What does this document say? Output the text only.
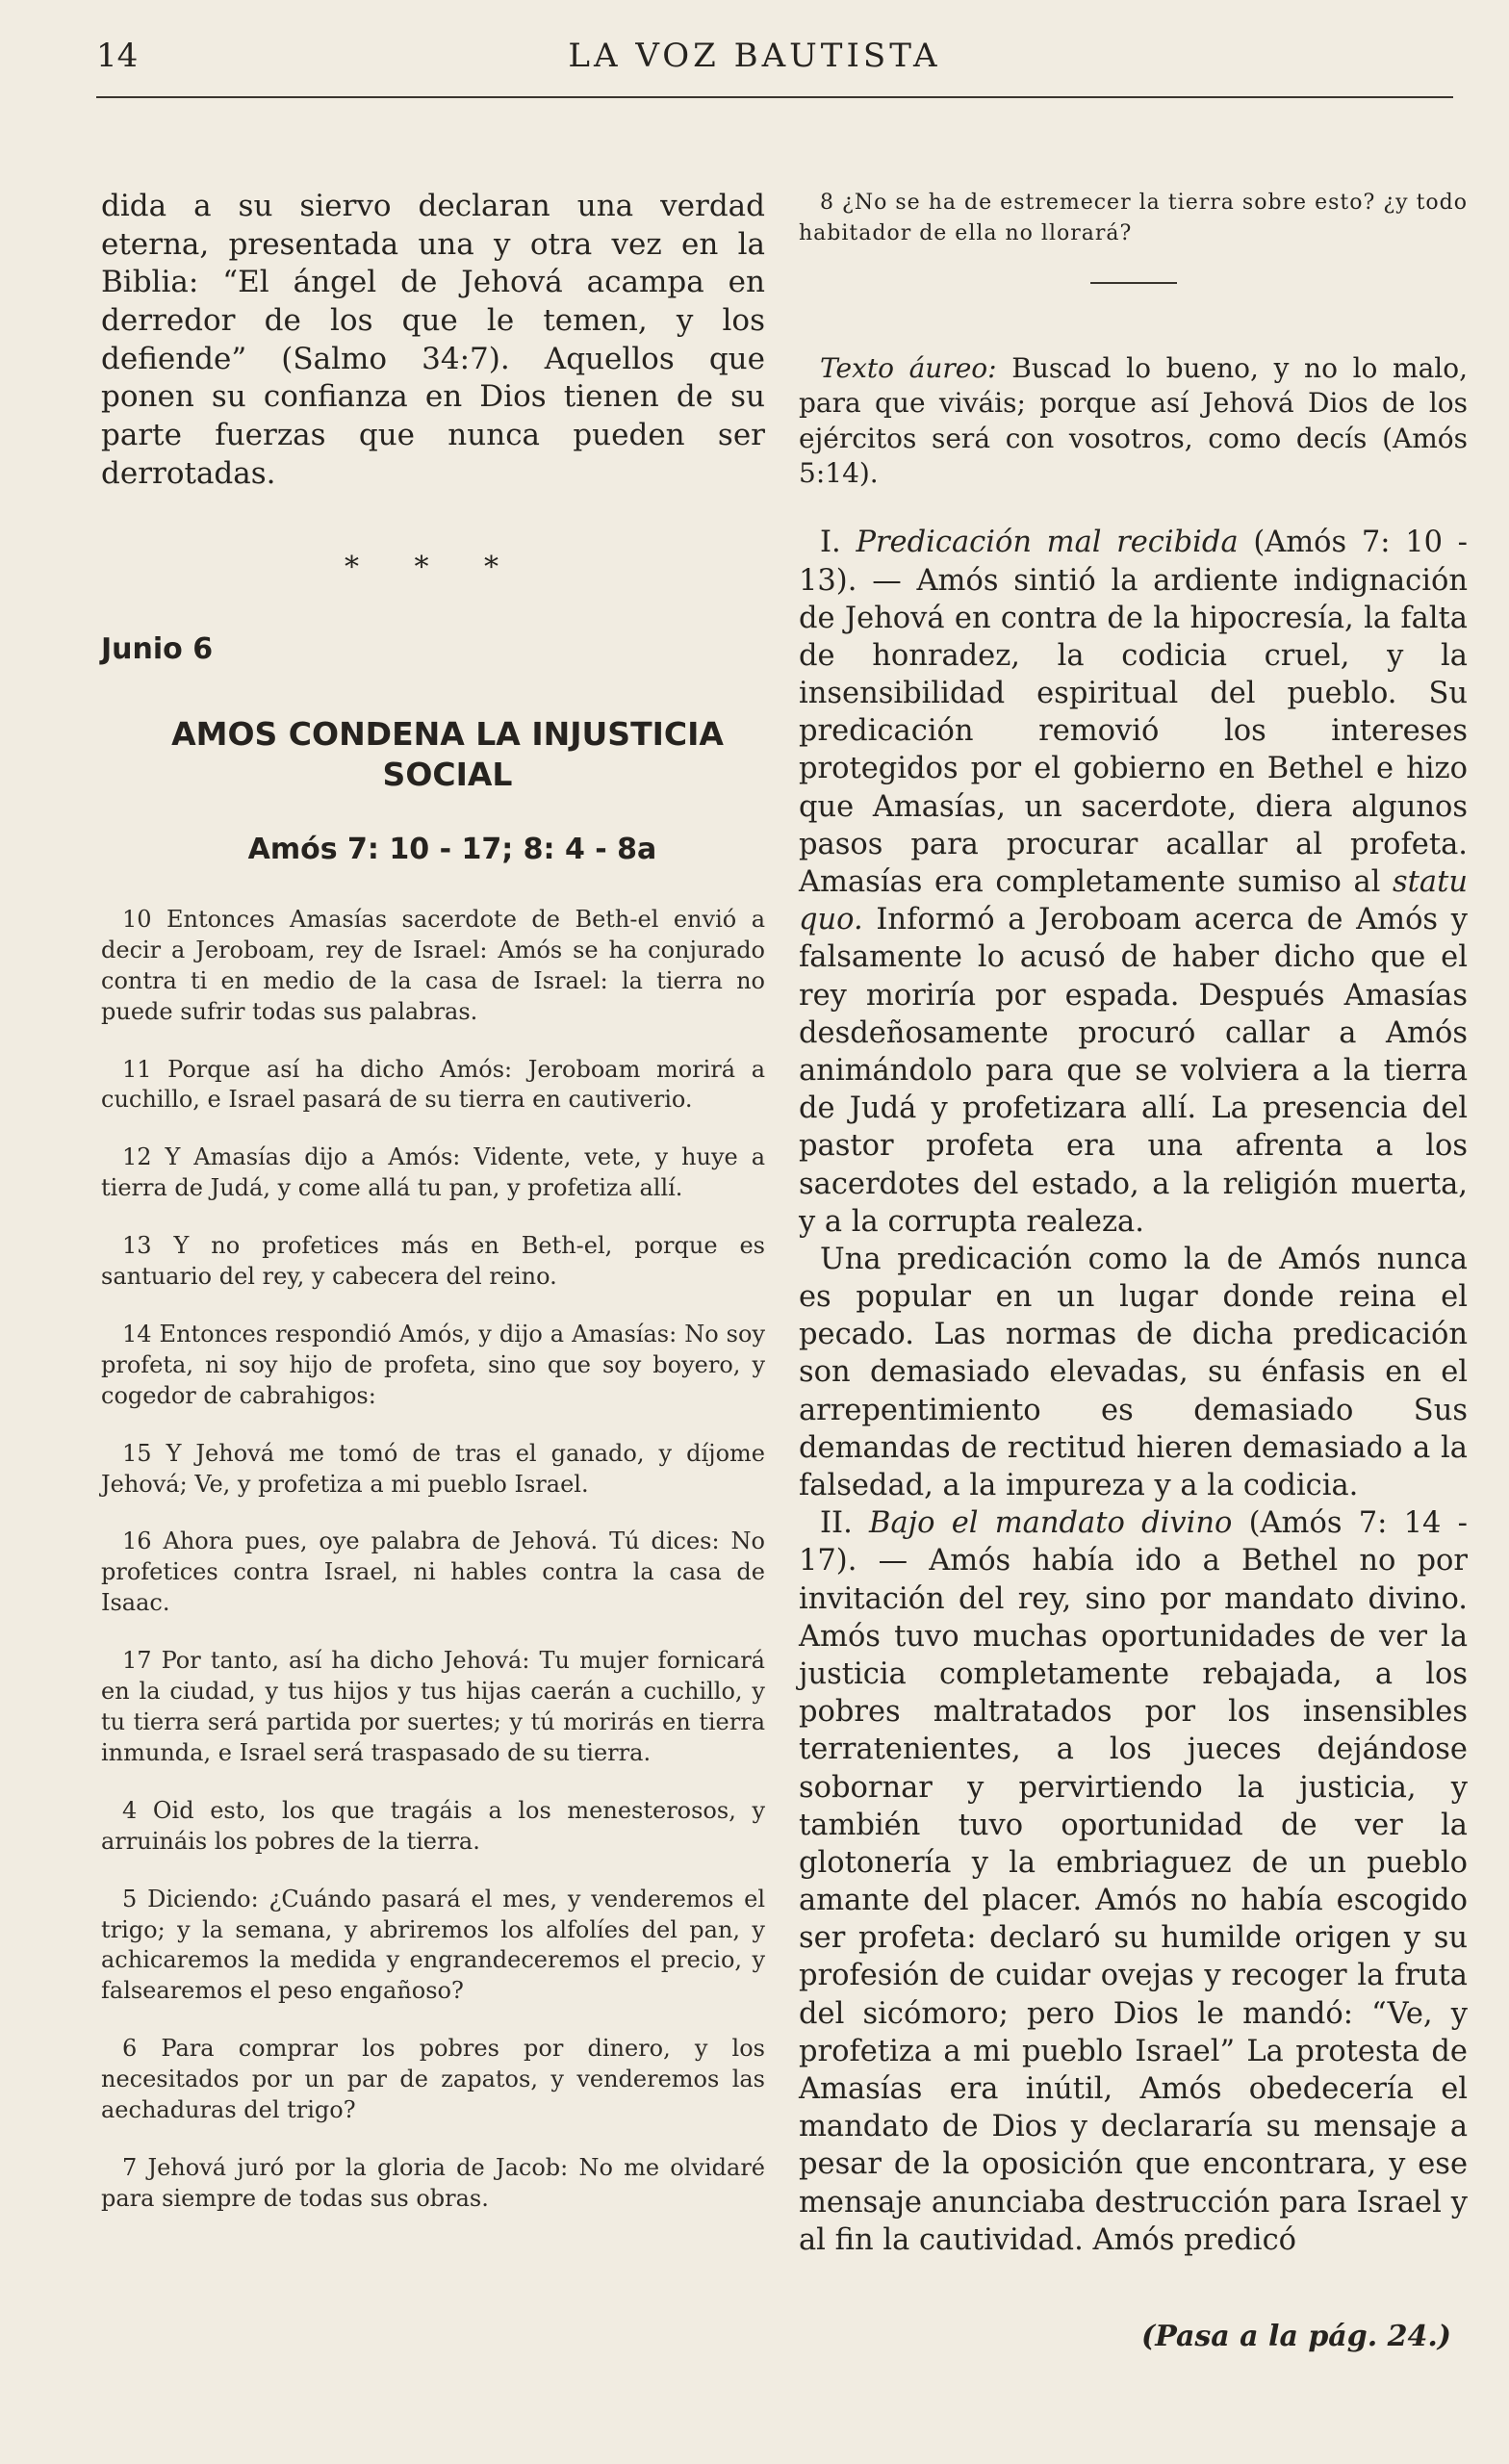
14	LA VOZ BAUTISTA

dida a su siervo declaran una verdad eterna, presentada una y otra vez en la Biblia: “El ángel de Jehová acampa en derredor de los que le temen, y los defiende” (Salmo 34:7). Aquellos que ponen su confianza en Dios tienen de su parte fuerzas que nunca pueden ser derrotadas.

* * *
Junio 6
AMOS CONDENA LA INJUSTICIA SOCIAL
Amós 7: 10 - 17; 8: 4 - 8a

10 Entonces Amasías sacerdote de Beth-el envió a decir a Jeroboam, rey de Israel: Amós se ha conjurado contra ti en medio de la casa de Israel: la tierra no puede sufrir todas sus palabras.

11 Porque así ha dicho Amós: Jeroboam morirá a cuchillo, e Israel pasará de su tierra en cautiverio.

12 Y Amasías dijo a Amós: Vidente, vete, y huye a tierra de Judá, y come allá tu pan, y profetiza allí.

13 Y no profetices más en Beth-el, porque es santuario del rey, y cabecera del reino.

14 Entonces respondió Amós, y dijo a Amasías: No soy profeta, ni soy hijo de profeta, sino que soy boyero, y cogedor de cabrahigos:

15 Y Jehová me tomó de tras el ganado, y díjome Jehová; Ve, y profetiza a mi pueblo Israel.

16 Ahora pues, oye palabra de Jehová. Tú dices: No profetices contra Israel, ni hables contra la casa de Isaac.

17 Por tanto, así ha dicho Jehová: Tu mujer fornicará en la ciudad, y tus hijos y tus hijas caerán a cuchillo, y tu tierra será partida por suertes; y tú morirás en tierra inmunda, e Israel será traspasado de su tierra.

4 Oid esto, los que tragáis a los menesterosos, y arruináis los pobres de la tierra.

5 Diciendo: ¿Cuándo pasará el mes, y venderemos el trigo; y la semana, y abriremos los alfolíes del pan, y achicaremos la medida y engrandeceremos el precio, y falsearemos el peso engañoso?

6 Para comprar los pobres por dinero, y los necesitados por un par de zapatos, y venderemos las aechaduras del trigo?

7 Jehová juró por la gloria de Jacob: No me olvidaré para siempre de todas sus obras.

8 ¿No se ha de estremecer la tierra sobre esto? ¿y todo habitador de ella no llorará?

Texto áureo: Buscad lo bueno, y no lo malo, para que viváis; porque así Jehová Dios de los ejércitos será con vosotros, como decís (Amós 5:14).

I. Predicación mal recibida (Amós 7: 10 - 13). — Amós sintió la ardiente indignación de Jehová en contra de la hipocresía, la falta de honradez, la codicia cruel, y la insensibilidad espiritual del pueblo. Su predicación removió los intereses protegidos por el gobierno en Bethel e hizo que Amasías, un sacerdote, diera algunos pasos para procurar acallar al profeta. Amasías era completamente sumiso al statu quo. Informó a Jeroboam acerca de Amós y falsamente lo acusó de haber dicho que el rey moriría por espada. Después Amasías desdeñosamente procuró callar a Amós animándolo para que se volviera a la tierra de Judá y profetizara allí. La presencia del pastor profeta era una afrenta a los sacerdotes del estado, a la religión muerta, y a la corrupta realeza.

Una predicación como la de Amós nunca es popular en un lugar donde reina el pecado. Las normas de dicha predicación son demasiado elevadas, su énfasis en el arrepentimiento es demasiado Sus demandas de rectitud hieren demasiado a la falsedad, a la impureza y a la codicia.

II. Bajo el mandato divino (Amós 7: 14 - 17). — Amós había ido a Bethel no por invitación del rey, sino por mandato divino. Amós tuvo muchas oportunidades de ver la justicia completamente rebajada, a los pobres maltratados por los insensibles terratenientes, a los jueces dejándose sobornar y pervirtiendo la justicia, y también tuvo oportunidad de ver la glotonería y la embriaguez de un pueblo amante del placer. Amós no había escogido ser profeta: declaró su humilde origen y su profesión de cuidar ovejas y recoger la fruta del sicómoro; pero Dios le mandó: “Ve, y profetiza a mi pueblo Israel” La protesta de Amasías era inútil, Amós obedecería el mandato de Dios y declararía su mensaje a pesar de la oposición que encontrara, y ese mensaje anunciaba destrucción para Israel y al fin la cautividad. Amós predicó

(Pasa a la pág. 24.)
